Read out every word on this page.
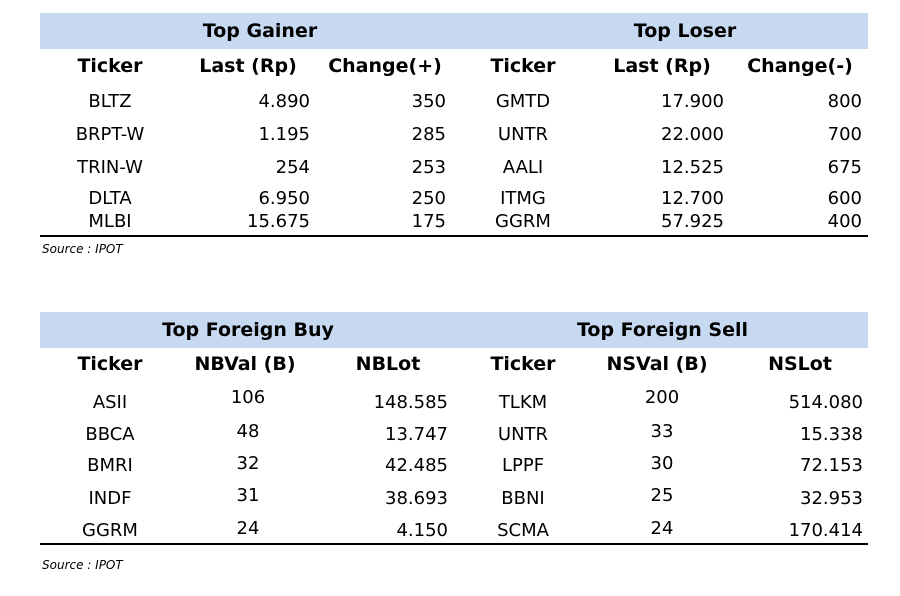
Top Gainer	Top Loser
Ticker	Last (Rp)	Change(+)	Ticker	Last (Rp)	Change(-)
BLTZ	4.890	350	GMTD	17.900	800
BRPT-W	1.195	285	UNTR	22.000	700
TRIN-W	254	253	AALI	12.525	675
DLTA	6.950	250	ITMG	12.700	600
MLBI	15.675	175	GGRM	57.925	400
Source : IPOT
Top Foreign Buy	Top Foreign Sell
Ticker	NBVal (B)	NBLot	Ticker	NSVal (B)	NSLot
ASII	106	148.585	TLKM	200	514.080
BBCA	48	13.747	UNTR	33	15.338
BMRI	32	42.485	LPPF	30	72.153
INDF	31	38.693	BBNI	25	32.953
GGRM	24	4.150	SCMA	24	170.414
Source : IPOT
